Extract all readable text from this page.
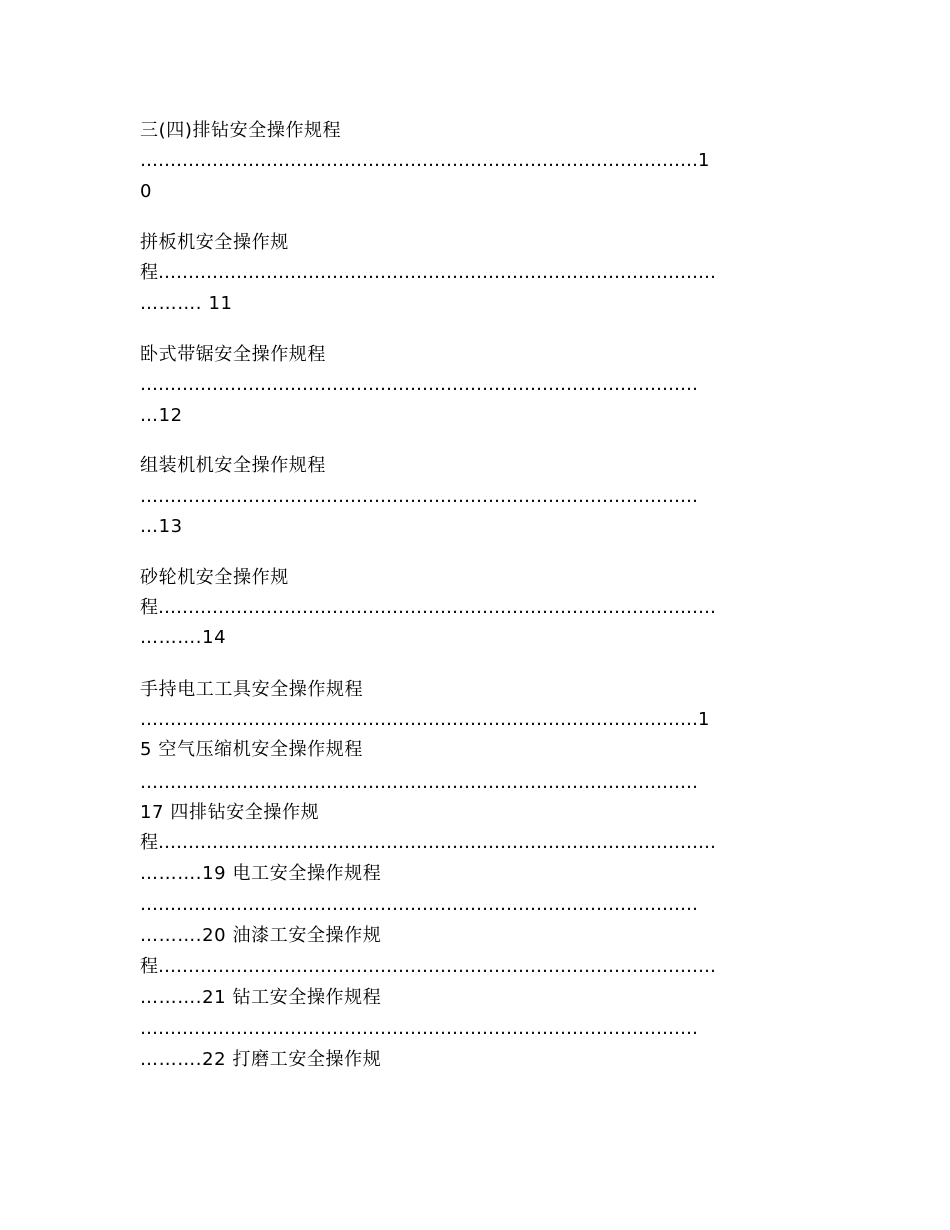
三(四)排钻安全操作规程
…………………………………………………………………………………1
0
拼板机安全操作规
程…………………………………………………………………………………
………. 11
卧式带锯安全操作规程
…………………………………………………………………………………
…12
组装机机安全操作规程
…………………………………………………………………………………
…13
砂轮机安全操作规
程…………………………………………………………………………………
……….14
手持电工工具安全操作规程
…………………………………………………………………………………1
5 空气压缩机安全操作规程
…………………………………………………………………………………
17 四排钻安全操作规
程…………………………………………………………………………………
……….19 电工安全操作规程
…………………………………………………………………………………
……….20 油漆工安全操作规
程…………………………………………………………………………………
……….21 钻工安全操作规程
…………………………………………………………………………………
……….22 打磨工安全操作规
